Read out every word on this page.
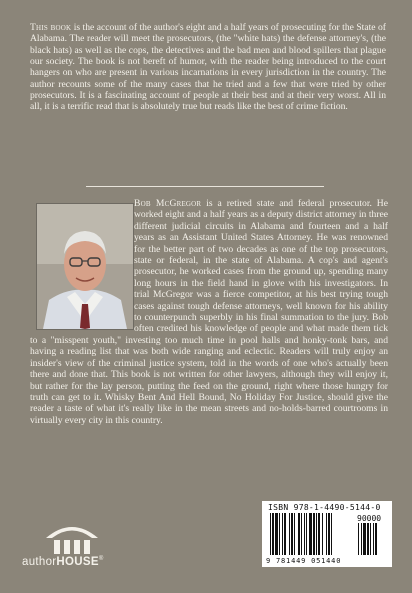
This book is the account of the author's eight and a half years of prosecuting for the State of Alabama. The reader will meet the prosecutors, (the "white hats) the defense attorney's, (the black hats) as well as the cops, the detectives and the bad men and blood spillers that plague our society. The book is not bereft of humor, with the reader being introduced to the court hangers on who are present in various incarnations in every jurisdiction in the country. The author recounts some of the many cases that he tried and a few that were tried by other prosecutors. It is a fascinating account of people at their best and at their very worst. All in all, it is a terrific read that is absolutely true but reads like the best of crime fiction.

Bob McGregor is a retired state and federal prosecutor. He worked eight and a half years as a deputy district attorney in three different judicial circuits in Alabama and fourteen and a half years as an Assistant United States Attorney. He was renowned for the better part of two decades as one of the top prosecutors, state or federal, in the state of Alabama. A cop's and agent's prosecutor, he worked cases from the ground up, spending many long hours in the field hand in glove with his investigators. In trial McGregor was a fierce competitor, at his best trying tough cases against tough defense attorneys, well known for his ability to counterpunch superbly in his final summation to the jury. Bob often credited his knowledge of people and what made them tick to a "misspent youth," investing too much time in pool halls and honky-tonk bars, and having a reading list that was both wide ranging and eclectic. Readers will truly enjoy an insider's view of the criminal justice system, told in the words of one who's actually been there and done that. This book is not written for other lawyers, although they will enjoy it, but rather for the lay person, putting the feed on the ground, right where those hungry for truth can get to it. Whisky Bent And Hell Bound, No Holiday For Justice, should give the reader a taste of what it's really like in the mean streets and no-holds-barred courtrooms in virtually every city in this country.

authorHOUSE®
ISBN 978-1-4490-5144-0
90000
9 781449 051440
